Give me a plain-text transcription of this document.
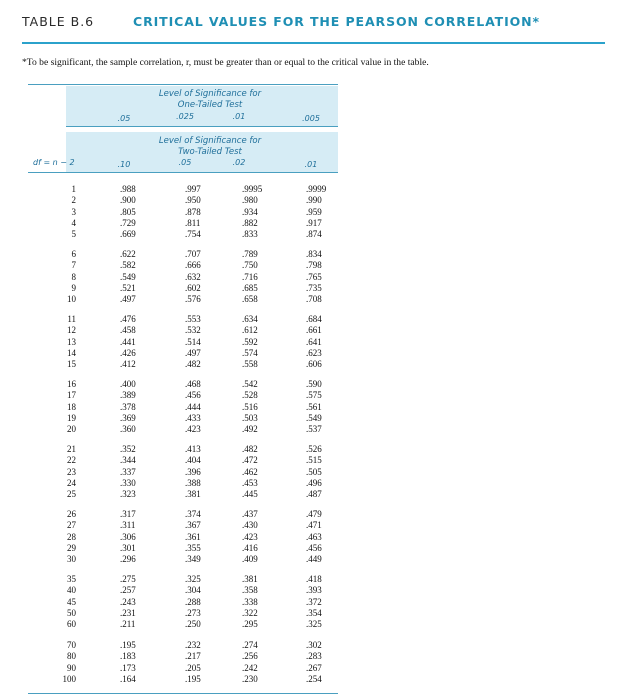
TABLE B.6	CRITICAL VALUES FOR THE PEARSON CORRELATION*
*To be significant, the sample correlation, r, must be greater than or equal to the critical value in the table.
Level of Significance for
One-Tailed Test
.05	.025	.01	.005
Level of Significance for
Two-Tailed Test
df = n − 2	.10	.05	.02	.01
1	.988	.997	.9995	.9999
2	.900	.950	.980	.990
3	.805	.878	.934	.959
4	.729	.811	.882	.917
5	.669	.754	.833	.874
6	.622	.707	.789	.834
7	.582	.666	.750	.798
8	.549	.632	.716	.765
9	.521	.602	.685	.735
10	.497	.576	.658	.708
11	.476	.553	.634	.684
12	.458	.532	.612	.661
13	.441	.514	.592	.641
14	.426	.497	.574	.623
15	.412	.482	.558	.606
16	.400	.468	.542	.590
17	.389	.456	.528	.575
18	.378	.444	.516	.561
19	.369	.433	.503	.549
20	.360	.423	.492	.537
21	.352	.413	.482	.526
22	.344	.404	.472	.515
23	.337	.396	.462	.505
24	.330	.388	.453	.496
25	.323	.381	.445	.487
26	.317	.374	.437	.479
27	.311	.367	.430	.471
28	.306	.361	.423	.463
29	.301	.355	.416	.456
30	.296	.349	.409	.449
35	.275	.325	.381	.418
40	.257	.304	.358	.393
45	.243	.288	.338	.372
50	.231	.273	.322	.354
60	.211	.250	.295	.325
70	.195	.232	.274	.302
80	.183	.217	.256	.283
90	.173	.205	.242	.267
100	.164	.195	.230	.254
